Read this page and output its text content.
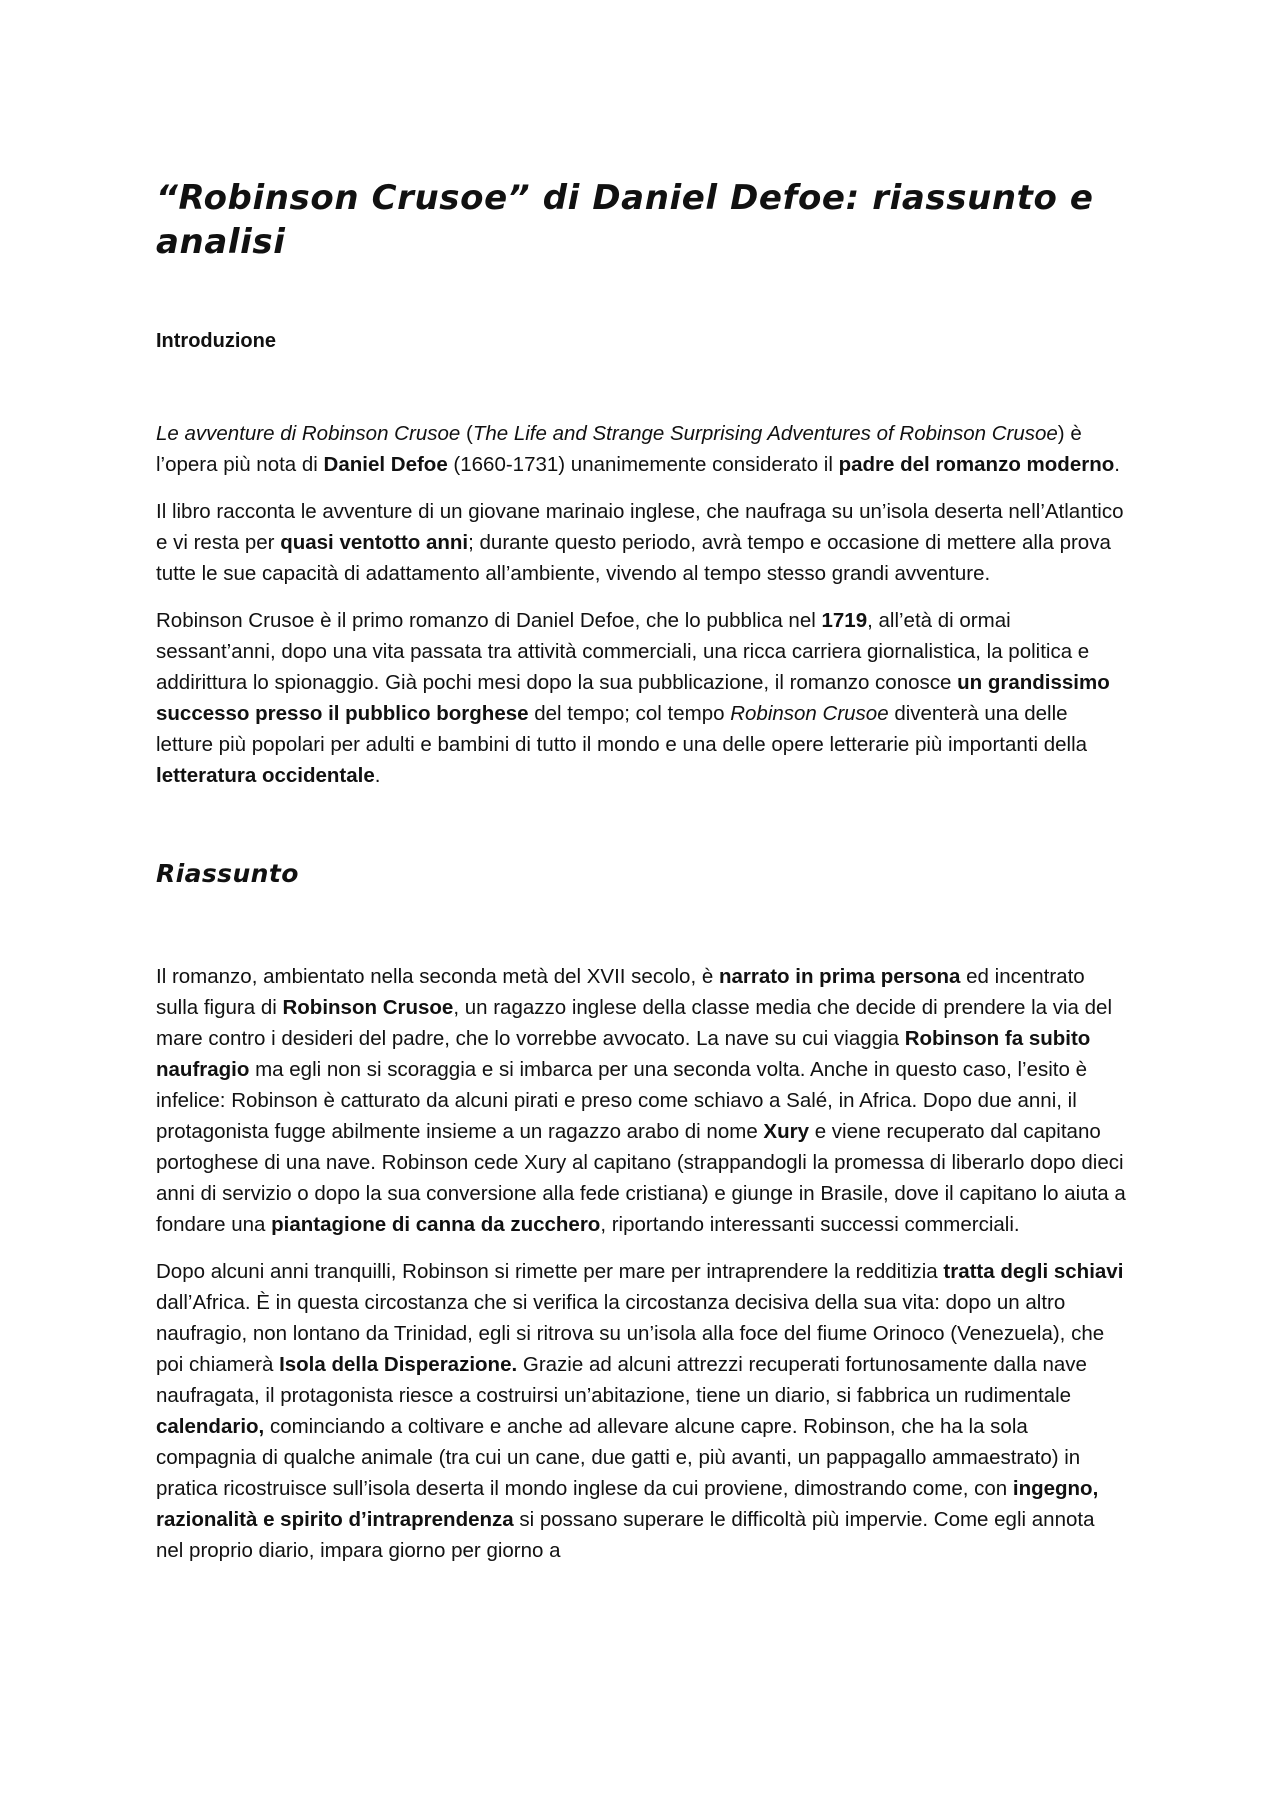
“Robinson Crusoe” di Daniel Defoe: riassunto e analisi
Introduzione

Le avventure di Robinson Crusoe (The Life and Strange Surprising Adventures of Robinson Crusoe) è l’opera più nota di Daniel Defoe (1660-1731) unanimemente considerato il padre del romanzo moderno.

Il libro racconta le avventure di un giovane marinaio inglese, che naufraga su un’isola deserta nell’Atlantico e vi resta per quasi ventotto anni; durante questo periodo, avrà tempo e occasione di mettere alla prova tutte le sue capacità di adattamento all’ambiente, vivendo al tempo stesso grandi avventure.

Robinson Crusoe è il primo romanzo di Daniel Defoe, che lo pubblica nel 1719, all’età di ormai sessant’anni, dopo una vita passata tra attività commerciali, una ricca carriera giornalistica, la politica e addirittura lo spionaggio. Già pochi mesi dopo la sua pubblicazione, il romanzo conosce un grandissimo successo presso il pubblico borghese del tempo; col tempo Robinson Crusoe diventerà una delle letture più popolari per adulti e bambini di tutto il mondo e una delle opere letterarie più importanti della letteratura occidentale.

Riassunto

Il romanzo, ambientato nella seconda metà del XVII secolo, è narrato in prima persona ed incentrato sulla figura di Robinson Crusoe, un ragazzo inglese della classe media che decide di prendere la via del mare contro i desideri del padre, che lo vorrebbe avvocato. La nave su cui viaggia Robinson fa subito naufragio ma egli non si scoraggia e si imbarca per una seconda volta. Anche in questo caso, l’esito è infelice: Robinson è catturato da alcuni pirati e preso come schiavo a Salé, in Africa. Dopo due anni, il protagonista fugge abilmente insieme a un ragazzo arabo di nome Xury e viene recuperato dal capitano portoghese di una nave. Robinson cede Xury al capitano (strappandogli la promessa di liberarlo dopo dieci anni di servizio o dopo la sua conversione alla fede cristiana) e giunge in Brasile, dove il capitano lo aiuta a fondare una piantagione di canna da zucchero, riportando interessanti successi commerciali.

Dopo alcuni anni tranquilli, Robinson si rimette per mare per intraprendere la redditizia tratta degli schiavi dall’Africa. È in questa circostanza che si verifica la circostanza decisiva della sua vita: dopo un altro naufragio, non lontano da Trinidad, egli si ritrova su un’isola alla foce del fiume Orinoco (Venezuela), che poi chiamerà Isola della Disperazione. Grazie ad alcuni attrezzi recuperati fortunosamente dalla nave naufragata, il protagonista riesce a costruirsi un’abitazione, tiene un diario, si fabbrica un rudimentale calendario, cominciando a coltivare e anche ad allevare alcune capre. Robinson, che ha la sola compagnia di qualche animale (tra cui un cane, due gatti e, più avanti, un pappagallo ammaestrato) in pratica ricostruisce sull’isola deserta il mondo inglese da cui proviene, dimostrando come, con ingegno, razionalità e spirito d’intraprendenza si possano superare le difficoltà più impervie. Come egli annota nel proprio diario, impara giorno per giorno a
